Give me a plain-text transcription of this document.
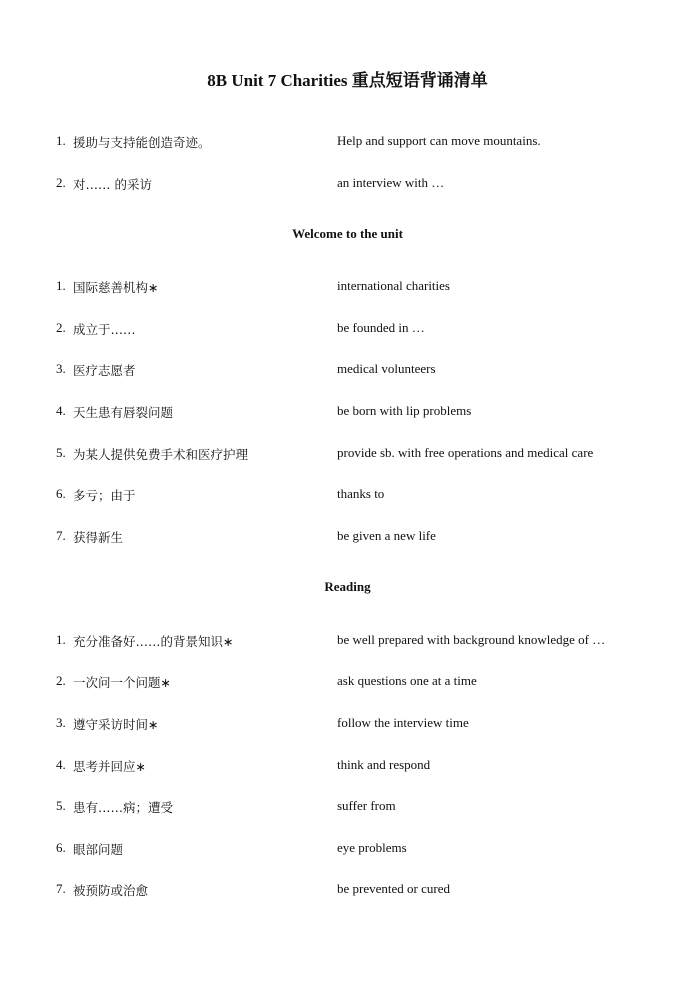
8B Unit 7 Charities 重点短语背诵清单
1. 援助与支持能创造奇迹。	Help and support can move mountains.
2. 对…… 的采访	an interview with …
Welcome to the unit
1. 国际慈善机构∗	international charities
2. 成立于……	be founded in …
3. 医疗志愿者	medical volunteers
4. 天生患有唇裂问题	be born with lip problems
5. 为某人提供免费手术和医疗护理	provide sb. with free operations and medical care
6. 多亏；由于	thanks to
7. 获得新生	be given a new life
Reading
1. 充分准备好……的背景知识∗	be well prepared with background knowledge of …
2. 一次问一个问题∗	ask questions one at a time
3. 遵守采访时间∗	follow the interview time
4. 思考并回应∗	think and respond
5. 患有……病；遭受	suffer from
6. 眼部问题	eye problems
7. 被预防或治愈	be prevented or cured
